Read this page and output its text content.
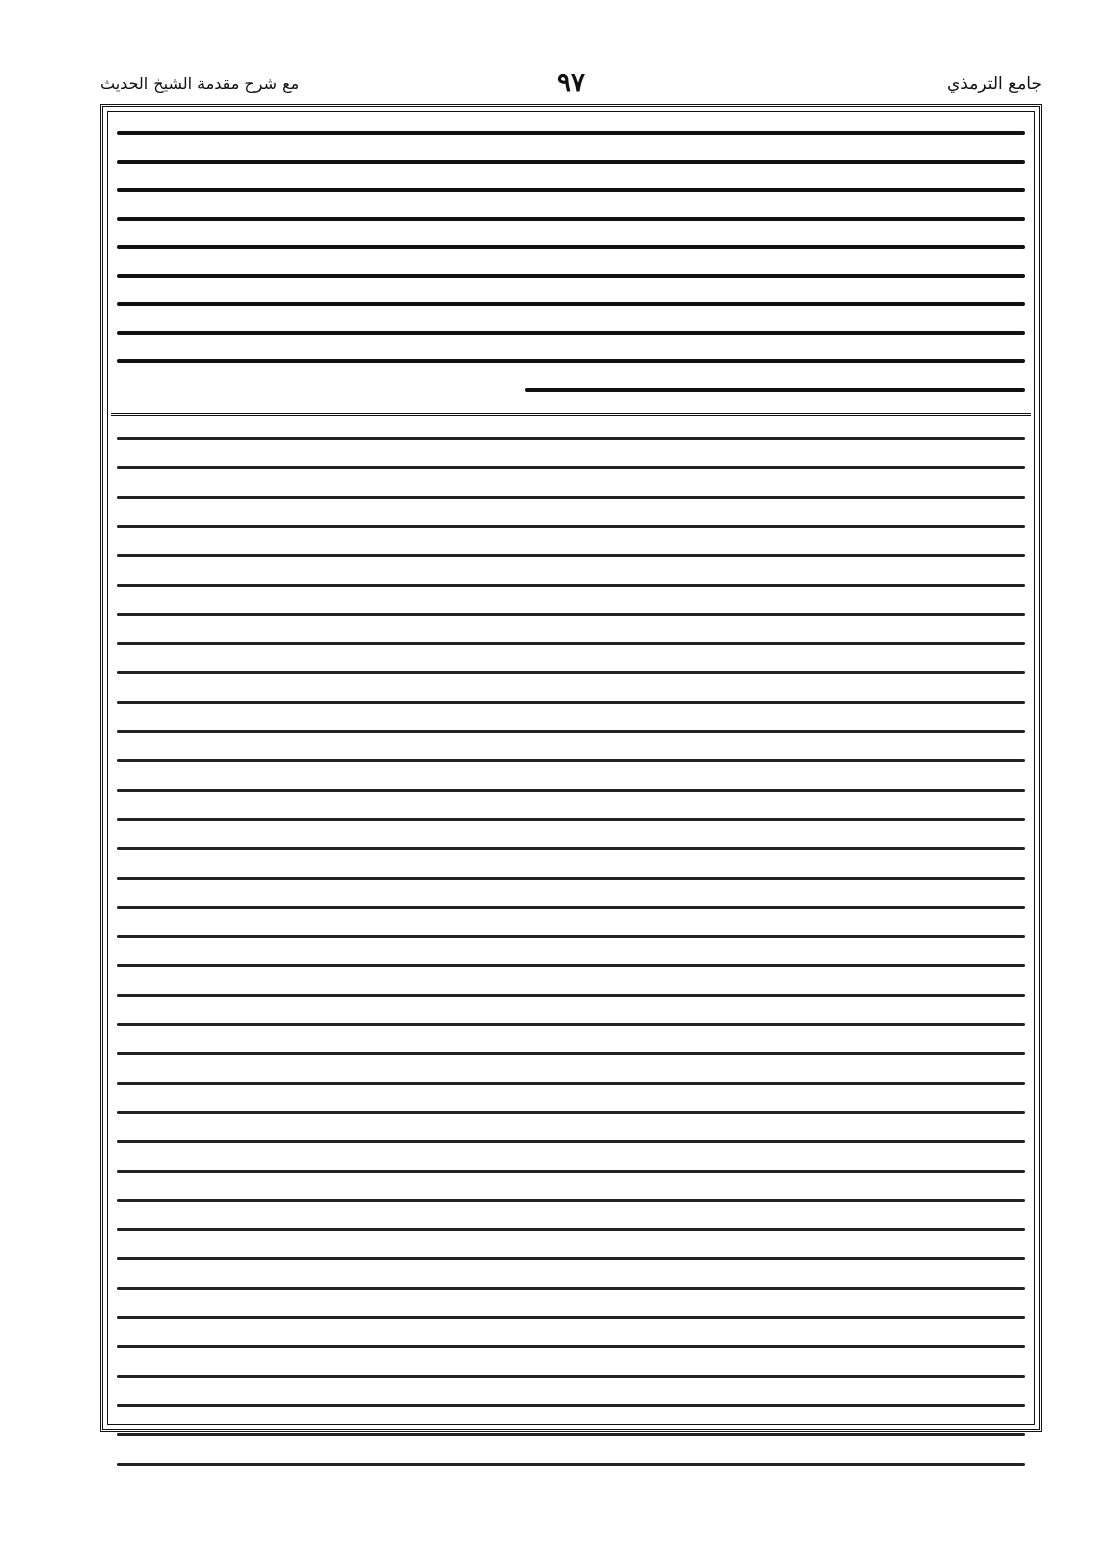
جامع الترمذي
٩٧
مع شرح مقدمة الشيخ الحدیث
